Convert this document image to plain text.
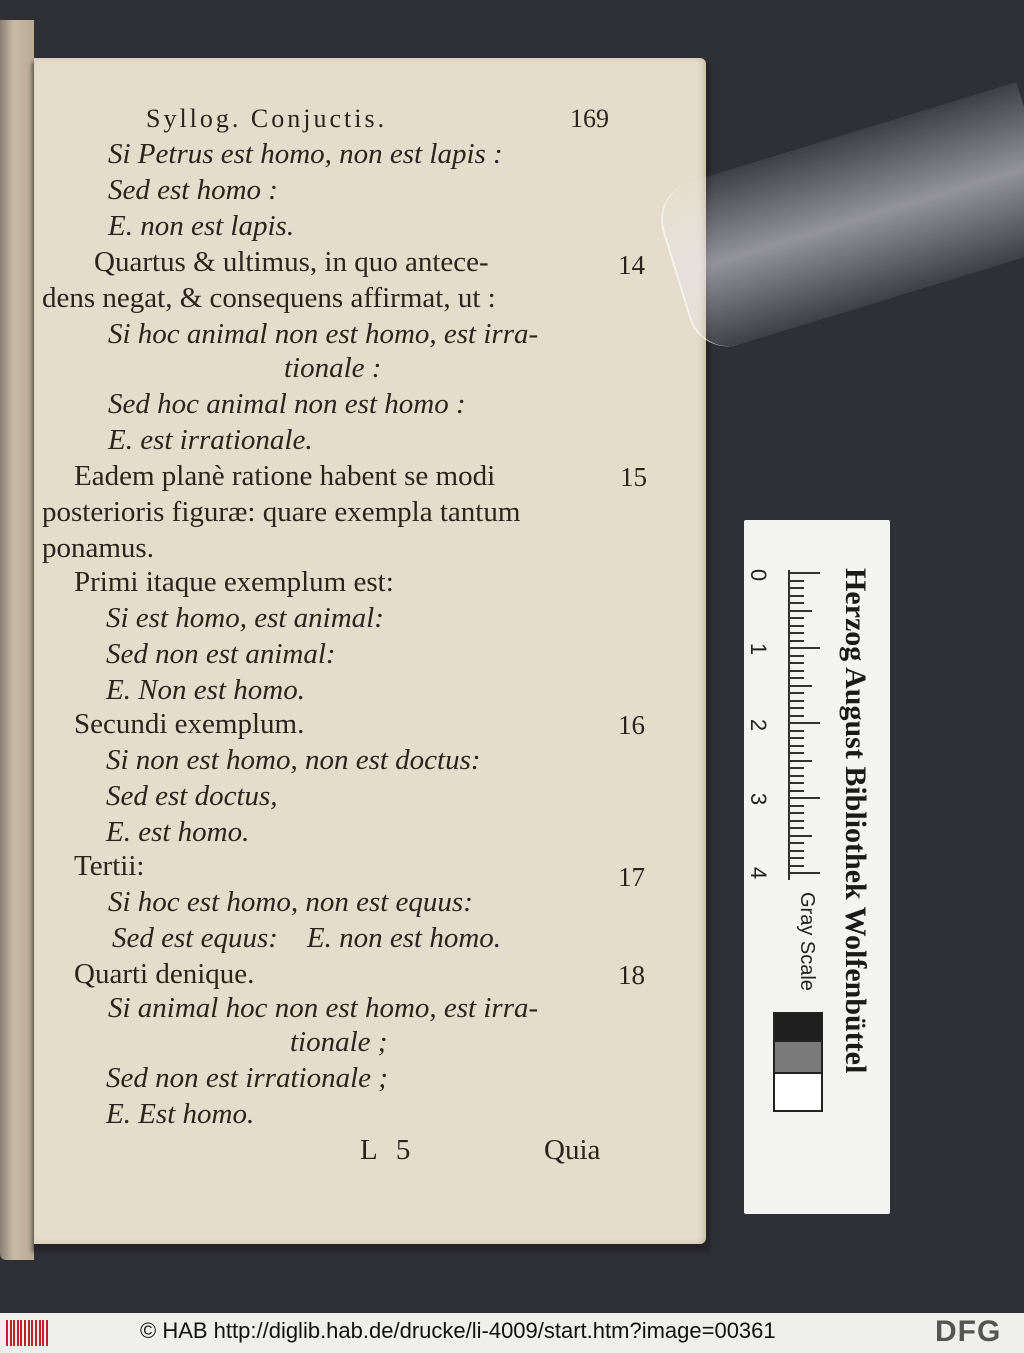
Syllog. Conjuctis.	169
Si Petrus est homo, non est lapis :
Sed est homo :
E. non est lapis.
Quartus & ultimus, in quo antece-
dens negat, & consequens affirmat, ut :
Si hoc animal non est homo, est irra-
tionale :
Sed hoc animal non est homo :
E. est irrationale.
Eadem planè ratione habent se modi
posterioris figuræ: quare exempla tantum
ponamus.
Primi itaque exemplum est:
Si est homo, est animal:
Sed non est animal:
E. Non est homo.
Secundi exemplum.
Si non est homo, non est doctus:
Sed est doctus,
E. est homo.
Tertii:
Si hoc est homo, non est equus:
Sed est equus:    E. non est homo.
Quarti denique.
Si animal hoc non est homo, est irra-
tionale ;
Sed non est irrationale ;
E. Est homo.
14
15
16
17
18
L 5	Quia
0
1
2
3
4 Herzog August Bibliothek Wolfenbüttel
Gray Scale
© HAB http://diglib.hab.de/drucke/li-4009/start.htm?image=00361	DFG
